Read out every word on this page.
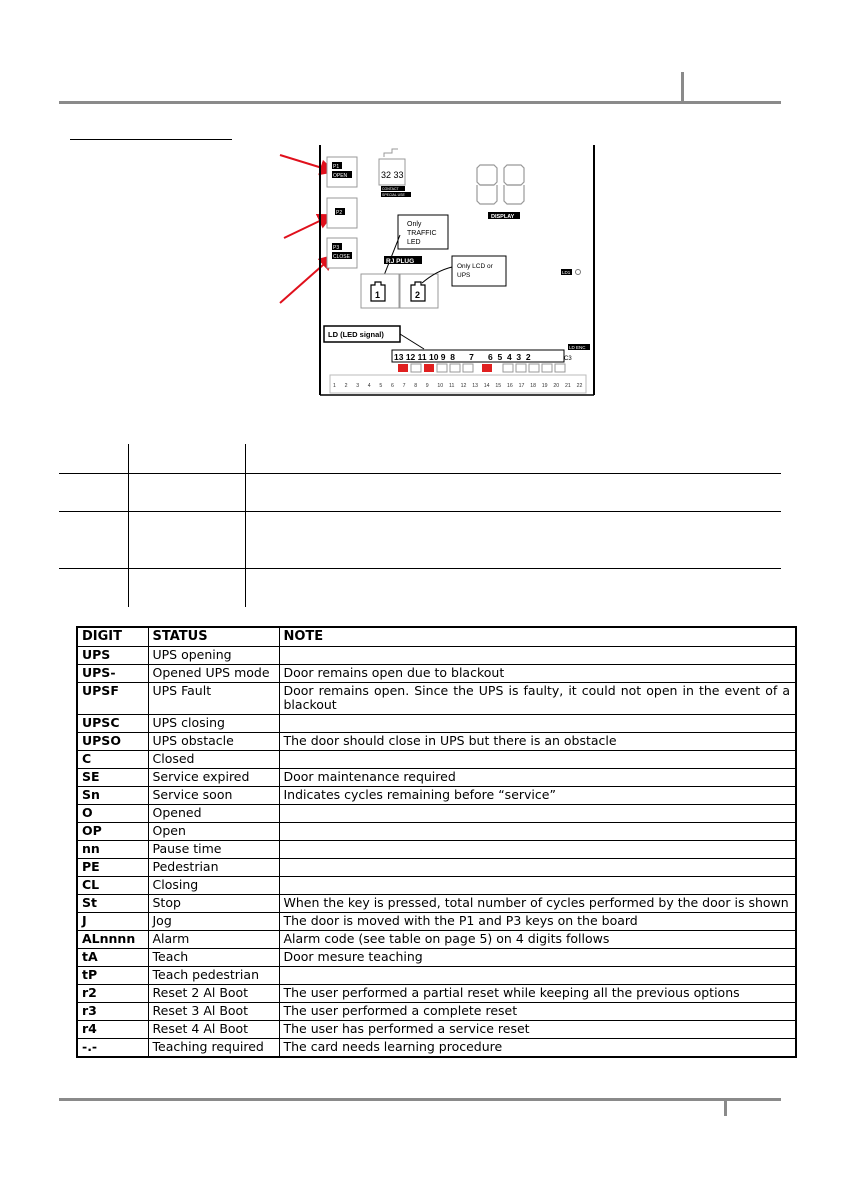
P1
OPEN
P2
P3
CLOSE
32 33
CONTACT
SPECIAL USE
DISPLAY
Only
TRAFFIC
LED
RJ PLUG
1	2
Only LCD or
UPS	LD1
LD (LED signal)
LD ENC
13 12 11 10 9  8      7      6  5  4  3  2	C3
1 2 3 4 5 6 7 8 9 10 11 12 13 14 15 16 17 18 19 20 21 22
DIGIT	STATUS	NOTE
UPS	UPS opening	
UPS-	Opened UPS mode	Door remains open due to blackout
UPSF	UPS Fault	Door remains open. Since the UPS is faulty, it could not open in the event of a blackout
UPSC	UPS closing	
UPSO	UPS obstacle	The door should close in UPS but there is an obstacle
C	Closed	
SE	Service expired	Door maintenance required
Sn	Service soon	Indicates cycles remaining before “service”
O	Opened	
OP	Open	
nn	Pause time	
PE	Pedestrian	
CL	Closing	
St	Stop	When the key is pressed, total number of cycles performed by the door is shown
J	Jog	The door is moved with the P1 and P3 keys on the board
ALnnnn	Alarm	Alarm code (see table on page 5) on 4 digits follows
tA	Teach	Door mesure teaching
tP	Teach pedestrian	
r2	Reset 2 Al Boot	The user performed a partial reset while keeping all the previous options
r3	Reset 3 Al Boot	The user performed a complete reset
r4	Reset 4 Al Boot	The user has performed a service reset
-.-	Teaching required	The card needs learning procedure
